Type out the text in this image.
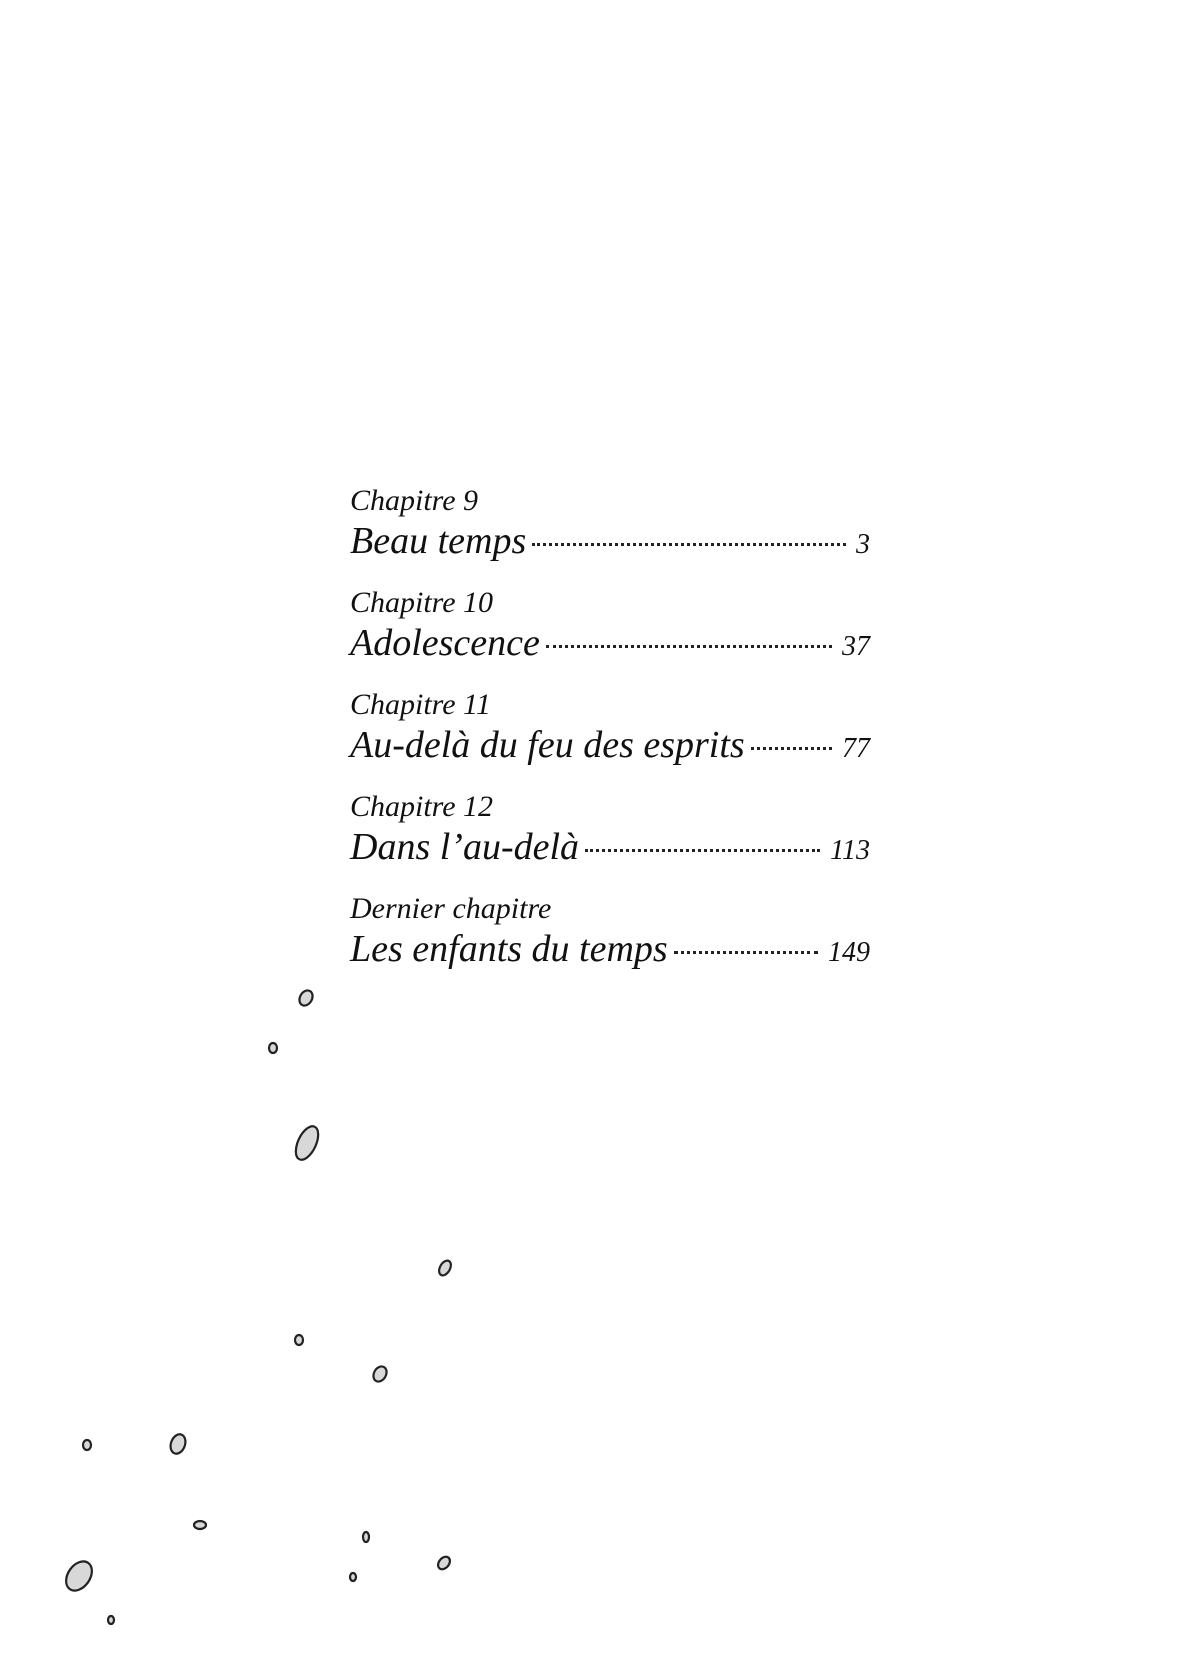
Chapitre 9
Beau temps	3
Chapitre 10
Adolescence	37
Chapitre 11
Au-delà du feu des esprits	77
Chapitre 12
Dans l’au-delà	113
Dernier chapitre
Les enfants du temps	149
